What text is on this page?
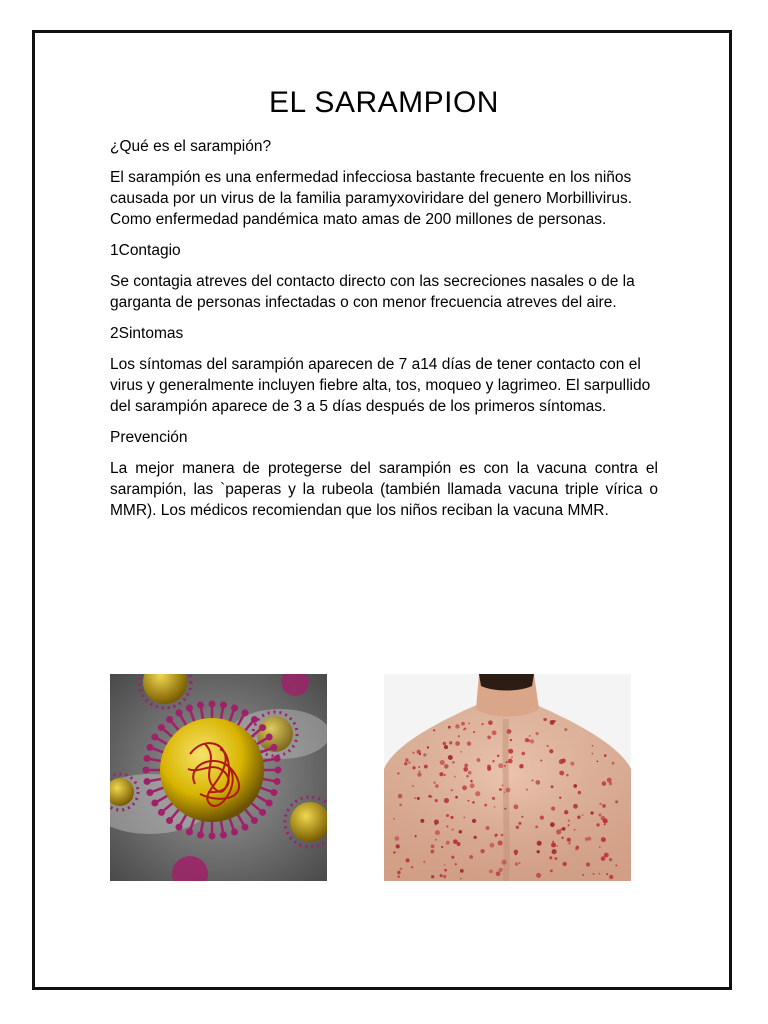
EL SARAMPION

¿Qué es el sarampión?

El sarampión es una enfermedad infecciosa bastante frecuente en los niños causada por un virus de la familia paramyxoviridare del genero Morbillivirus. Como enfermedad pandémica mato amas de 200 millones de personas.

1Contagio

Se contagia atreves del contacto directo con las secreciones nasales o de la garganta de personas infectadas o con menor frecuencia atreves del aire.

2Sintomas

Los síntomas del sarampión aparecen de 7 a14 días de tener contacto con el virus y generalmente incluyen fiebre alta, tos, moqueo y lagrimeo. El sarpullido del sarampión aparece de 3 a 5 días después de los primeros síntomas.

Prevención

La mejor manera de protegerse del sarampión es con la vacuna contra el sarampión, las `paperas y la rubeola (también llamada vacuna triple vírica o MMR). Los médicos recomiendan que los niños reciban la vacuna MMR.
